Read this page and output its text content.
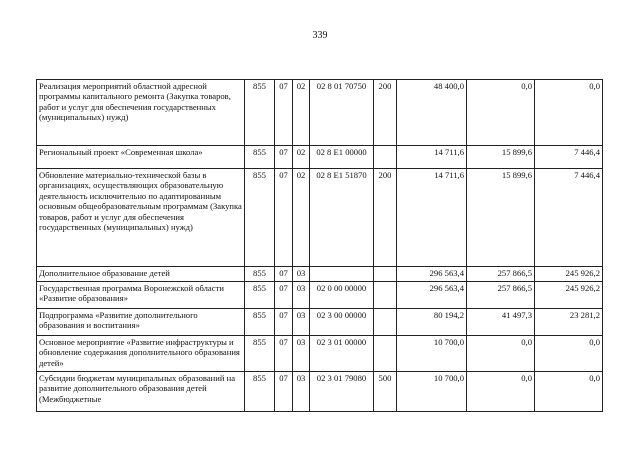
339
Реализация мероприятий областной адресной программы капитального ремонта (Закупка товаров, работ и услуг для обеспечения государственных (муниципальных) нужд)	855	07	02	02 8 01 70750	200	48 400,0	0,0	0,0
Региональный проект «Современная школа»	855	07	02	02 8 E1 00000		14 711,6	15 899,6	7 446,4
Обновление материально-технической базы в организациях, осуществляющих образовательную деятельность исключительно по адаптированным основным общеобразовательным программам (Закупка товаров, работ и услуг для обеспечения государственных (муниципальных) нужд)	855	07	02	02 8 E1 51870	200	14 711,6	15 899,6	7 446,4
Дополнительное образование детей	855	07	03			296 563,4	257 866,5	245 926,2
Государственная программа Воронежской области «Развитие образования»	855	07	03	02 0 00 00000		296 563,4	257 866,5	245 926,2
Подпрограмма «Развитие дополнительного образования и воспитания»	855	07	03	02 3 00 00000		80 194,2	41 497,3	23 281,2
Основное мероприятие «Развитие инфраструктуры и обновление содержания дополнительного образования детей»	855	07	03	02 3 01 00000		10 700,0	0,0	0,0
Субсидии бюджетам муниципальных образований на развитие дополнительного образования детей (Межбюджетные	855	07	03	02 3 01 79080	500	10 700,0	0,0	0,0
